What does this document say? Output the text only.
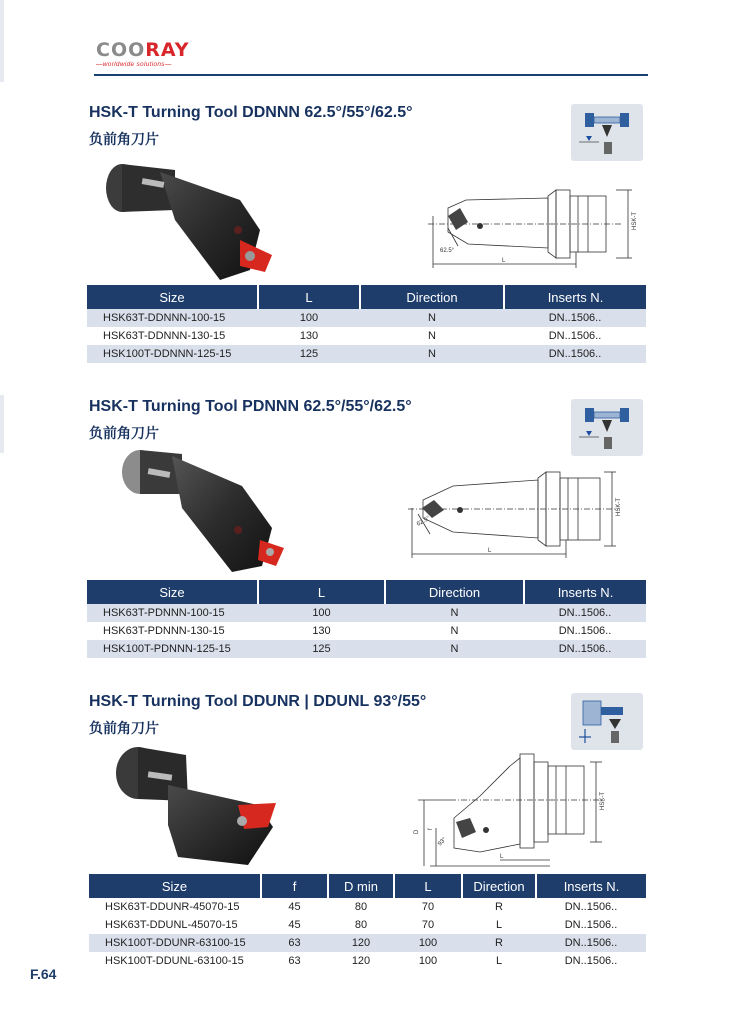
COORAY
—worldwide solutions—
HSK-T Turning Tool DDNNN 62.5°/55°/62.5°
负前角刀片
62.5°
L
HSK-T
Size	L	Direction	Inserts N.
HSK63T-DDNNN-100-15	100	N	DN..1506..
HSK63T-DDNNN-130-15	130	N	DN..1506..
HSK100T-DDNNN-125-15	125	N	DN..1506..
HSK-T Turning Tool PDNNN 62.5°/55°/62.5°
负前角刀片
62.5°
L
HSK-T
Size	L	Direction	Inserts N.
HSK63T-PDNNN-100-15	100	N	DN..1506..
HSK63T-PDNNN-130-15	130	N	DN..1506..
HSK100T-PDNNN-125-15	125	N	DN..1506..
HSK-T Turning Tool DDUNR | DDUNL 93°/55°
负前角刀片
D
f
93°
L
HSK-T
Size	f	D min	L	Direction	Inserts N.
HSK63T-DDUNR-45070-15	45	80	70	R	DN..1506..
HSK63T-DDUNL-45070-15	45	80	70	L	DN..1506..
HSK100T-DDUNR-63100-15	63	120	100	R	DN..1506..
HSK100T-DDUNL-63100-15	63	120	100	L	DN..1506..
F.64
